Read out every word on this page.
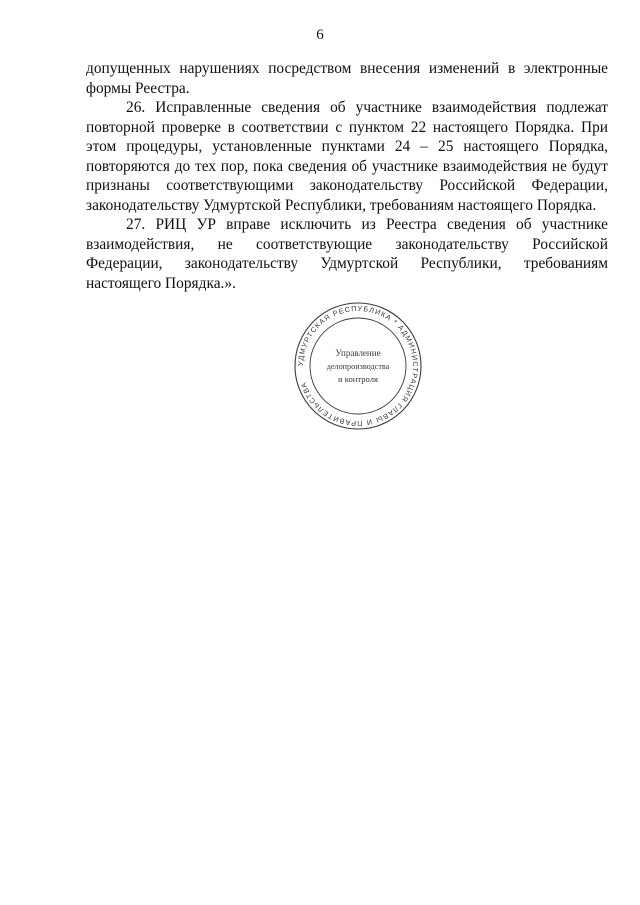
6

допущенных нарушениях посредством внесения изменений в электронные формы Реестра.

26. Исправленные сведения об участнике взаимодействия подлежат повторной проверке в соответствии с пунктом 22 настоящего Порядка. При этом процедуры, установленные пунктами 24 – 25 настоящего Порядка, повторяются до тех пор, пока сведения об участнике взаимодействия не будут признаны соответствующими законодательству Российской Федерации, законодательству Удмуртской Республики, требованиям настоящего Порядка.

27. РИЦ УР вправе исключить из Реестра сведения об участнике взаимодействия, не соответствующие законодательству Российской Федерации, законодательству Удмуртской Республики, требованиям настоящего Порядка.».

УДМУРТСКАЯ РЕСПУБЛИКА * АДМИНИСТРАЦИЯ ГЛАВЫ И ПРАВИТЕЛЬСТВА
Управление
делопроизводства
и контроля
